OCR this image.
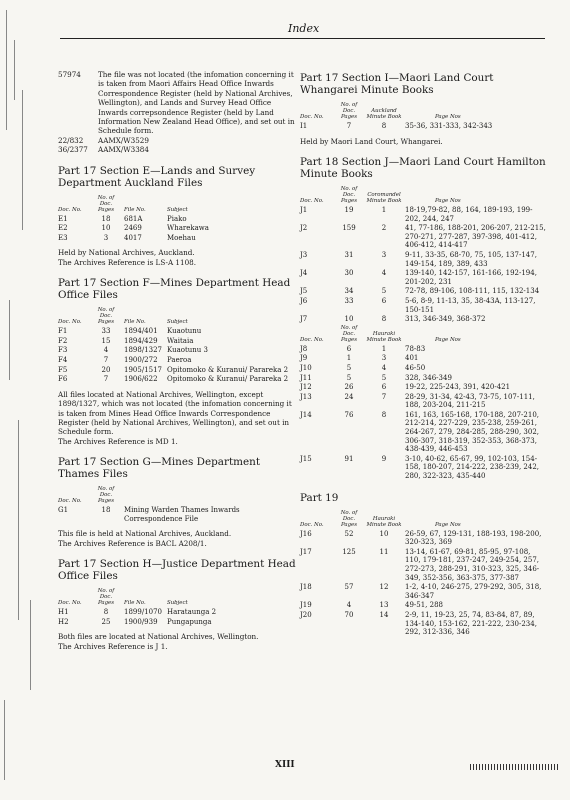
Index
57974	The file was not located (the infomation concerning it is taken from Maori Affairs Head Office Inwards Correspondence Register (held by National Archives, Wellington), and Lands and Survey Head Office Inwards correpsondence Register (held by Land Information New Zealand Head Office), and set out in Schedule form.
22/832	AAMX/W3529
36/2377	AAMX/W3384
Part 17 Section E—Lands and Survey Department Auckland Files
Doc. No.	No. of Doc. Pages	File No.	Subject
E1	18	681A	Piako
E2	10	2469	Wharekawa
E3	3	4017	Moehau

Held by National Archives, Auckland.

The Archives Reference is LS-A 1108.
Part 17 Section F—Mines Department Head Office Files
Doc. No.	No. of Doc. Pages	File No.	Subject
F1	33	1894/401	Kuaotunu
F2	15	1894/429	Waitaia
F3	4	1898/1327	Kuaotunu 3
F4	7	1900/272	Paeroa
F5	20	1905/1517	Opitomoko & Kuranui/ Parareka 2
F6	7	1906/622	Opitomoko & Kuranui/ Parareka 2

All files located at National Archives, Wellington, except 1898/1327, which was not located (the infomation concerning it is taken from Mines Head Office Inwards Correspondence Register (held by National Archives, Wellington), and set out in Schedule form.

The Archives Reference is MD 1.
Part 17 Section G—Mines Department Thames Files
Doc. No.	No. of Doc. Pages	
G1	18	Mining Warden Thames Inwards Correspondence File

This file is held at National Archives, Auckland.

The Archives Reference is BACL A208/1.
Part 17 Section H—Justice Department Head Office Files
Doc. No.	No. of Doc. Pages	File No.	Subject
H1	8	1899/1070	Harataunga 2
H2	25	1900/939	Pungapunga

Both files are located at National Archives, Wellington.

The Archives Reference is J 1.
Part 17 Section I—Maori Land Court Whangarei Minute Books
Doc. No.	No. of Doc. Pages	Auckland Minute Book	Page Nos
I1	7	8	35-36, 331-333, 342-343

Held by Maori Land Court, Whangarei.

Part 18 Section J—Maori Land Court Hamilton Minute Books
Doc. No.	No. of Doc. Pages	Coromandel Minute Book	Page Nos
J1	19	1	18-19,79-82, 88, 164, 189-193, 199-202, 244, 247
J2	159	2	41, 77-186, 188-201, 206-207, 212-215, 270-271, 277-287, 397-398, 401-412, 406-412, 414-417
J3	31	3	9-11, 33-35, 68-70, 75, 105, 137-147, 149-154, 189, 389, 433
J4	30	4	139-140, 142-157, 161-166, 192-194, 201-202, 231
J5	34	5	72-78, 89-106, 108-111, 115, 132-134
J6	33	6	5-6, 8-9, 11-13, 35, 38-43A, 113-127, 150-151
J7	10	8	313, 346-349, 368-372
Doc. No.	No. of Doc. Pages	Hauraki Minute Book	Page Nos
J8	6	1	78-83
J9	1	3	401
J10	5	4	46-50
J11	5	5	328, 346-349
J12	26	6	19-22, 225-243, 391, 420-421
J13	24	7	28-29, 31-34, 42-43, 73-75, 107-111, 188, 203-204, 211-215
J14	76	8	161, 163, 165-168, 170-188, 207-210, 212-214, 227-229, 235-238, 259-261, 264-267, 279, 284-285, 288-290, 302, 306-307, 318-319, 352-353, 368-373, 438-439, 446-453
J15	91	9	3-10, 40-62, 65-67, 99, 102-103, 154-158, 180-207, 214-222, 238-239, 242, 280, 322-323, 435-440
Part 19
Doc. No.	No. of Doc. Pages	Hauraki Minute Book	Page Nos
J16	52	10	26-59, 67, 129-131, 188-193, 198-200, 320-323, 369
J17	125	11	13-14, 61-67, 69-81, 85-95, 97-108, 110, 179-181, 237-247, 249-254, 257, 272-273, 288-291, 310-323, 325, 346-349, 352-356, 363-375, 377-387
J18	57	12	1-2, 4-10, 246-275, 279-292, 305, 318, 346-347
J19	4	13	49-51, 288
J20	70	14	2-9, 11, 19-23, 25, 74, 83-84, 87, 89, 134-140, 153-162, 221-222, 230-234, 292, 312-336, 346
XIII
